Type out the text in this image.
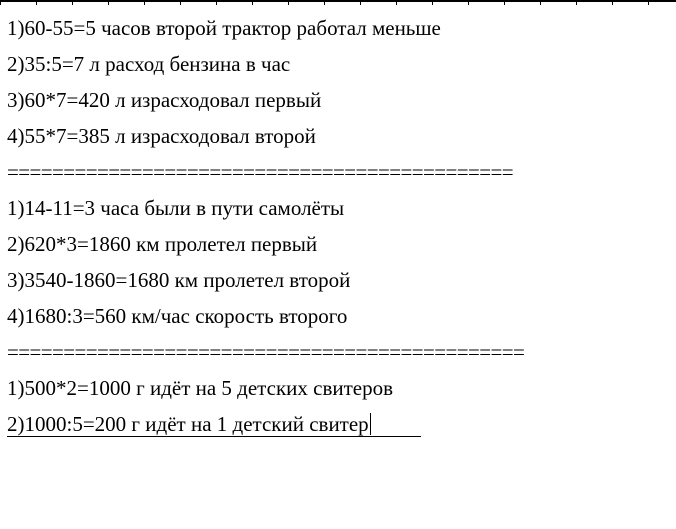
1)60-55=5 часов второй трактор работал меньше
2)35:5=7 л расход бензина в час
3)60*7=420 л израсходовал первый
4)55*7=385 л израсходовал второй
=============================================
1)14-11=3 часа были в пути самолёты
2)620*3=1860 км пролетел первый
3)3540-1860=1680 км пролетел второй
4)1680:3=560 км/час скорость второго
==============================================
1)500*2=1000 г идёт на 5 детских свитеров
2)1000:5=200 г идёт на 1 детский свитер
